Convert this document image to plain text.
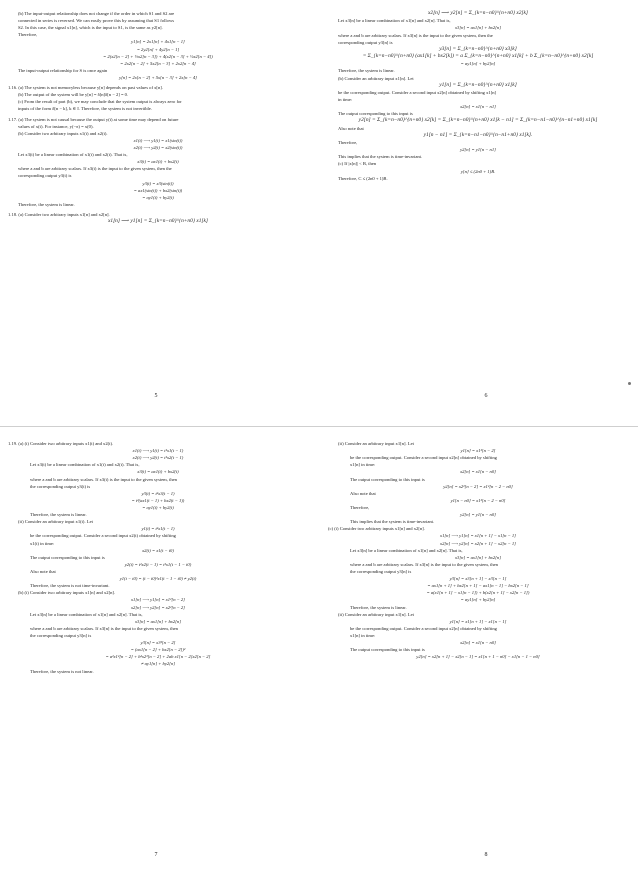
(b) The input-output relationship does not change if the order in which S1 and S2 are

connected in series is reversed. We can easily prove this by assuming that S1 follows

S2. In this case, the signal x1[n], which is the input to S1, is the same as y2[n].

Therefore,

y1[n] = 2x1[n] + 4x1[n − 1]

= 2y2[n] + 4y2[n − 1]

= 2(x2[n − 2] + ½x2[n − 3]) + 4(x2[n − 3] + ½x2[n − 4])

= 2x2[n − 2] + 5x2[n − 3] + 2x2[n − 4]

The input-output relationship for S is once again

y[n] = 2x[n − 2] + 5x[n − 3] + 2x[n − 4]

1.16. (a) The system is not memoryless because y[n] depends on past values of x[n].

(b) The output of the system will be y[n] = δ[n]δ[n − 2] = 0.

(c) From the result of part (b), we may conclude that the system output is always zero for

inputs of the form δ[n − k], k ∈ I. Therefore, the system is not invertible.

1.17. (a) The system is not causal because the output y(t) at some time may depend on future

values of x(t). For instance, y(−π) = x(0).

(b) Consider two arbitrary inputs x1(t) and x2(t).

x1(t) ⟶ y1(t) = x1(sin(t))

x2(t) ⟶ y2(t) = x2(sin(t))

Let x3(t) be a linear combination of x1(t) and x2(t). That is,

x3(t) = ax1(t) + bx2(t)

where a and b are arbitrary scalars. If x3(t) is the input to the given system, then the

corresponding output y3(t) is

y3(t) = x3(sin(t))

= ax1(sin(t)) + bx2(sin(t))

= ay1(t) + by2(t)

Therefore, the system is linear.

1.18. (a) Consider two arbitrary inputs x1[n] and x2[n].

x1[n] ⟶ y1[n] = Σ_{k=n−n0}^{n+n0} x1[k]

5

x2[n] ⟶ y2[n] = Σ_{k=n−n0}^{n+n0} x2[k]

Let x3[n] be a linear combination of x1[n] and x2[n]. That is,

x3[n] = ax1[n] + bx2[n]

where a and b are arbitrary scalars. If x3[n] is the input to the given system, then the

corresponding output y3[n] is

y3[n] = Σ_{k=n−n0}^{n+n0} x3[k]

= Σ_{k=n−n0}^{n+n0} (ax1[k] + bx2[k]) = a Σ_{k=n−n0}^{n+n0} x1[k] + b Σ_{k=n−n0}^{n+n0} x2[k]

= ay1[n] + by2[n]

Therefore, the system is linear.

(b) Consider an arbitrary input x1[n]. Let

y1[n] = Σ_{k=n−n0}^{n+n0} x1[k]

be the corresponding output. Consider a second input x2[n] obtained by shifting x1[n]

in time:

x2[n] = x1[n − n1]

The output corresponding to this input is

y2[n] = Σ_{k=n−n0}^{n+n0} x2[k] = Σ_{k=n−n0}^{n+n0} x1[k − n1] = Σ_{k=n−n1−n0}^{n−n1+n0} x1[k]

Also note that

y1[n − n1] = Σ_{k=n−n1−n0}^{n−n1+n0} x1[k].

Therefore,

y2[n] = y1[n − n1]

This implies that the system is time-invariant.

(c) If |x[n]| < B, then

y[n] ≤ (2n0 + 1)B.

Therefore, C ≤ (2n0 + 1)B.

6

1.19. (a) (i) Consider two arbitrary inputs x1(t) and x2(t).

x1(t) ⟶ y1(t) = t²x1(t − 1)

x2(t) ⟶ y2(t) = t²x2(t − 1)

Let x3(t) be a linear combination of x1(t) and x2(t). That is,

x3(t) = ax1(t) + bx2(t)

where a and b are arbitrary scalars. If x3(t) is the input to the given system, then

the corresponding output y3(t) is

y3(t) = t²x3(t − 1)

= t²(ax1(t − 1) + bx2(t − 1))

= ay1(t) + by2(t)

Therefore, the system is linear.

(ii) Consider an arbitrary input x1(t). Let

y1(t) = t²x1(t − 1)

be the corresponding output. Consider a second input x2(t) obtained by shifting

x1(t) in time:

x2(t) = x1(t − t0)

The output corresponding to this input is

y2(t) = t²x2(t − 1) = t²x1(t − 1 − t0)

Also note that

y1(t − t0) = (t − t0)²x1(t − 1 − t0) ≠ y2(t)

Therefore, the system is not time-invariant.

(b) (i) Consider two arbitrary inputs x1[n] and x2[n].

x1[n] ⟶ y1[n] = x1²[n − 2]

x2[n] ⟶ y2[n] = x2²[n − 2]

Let x3[n] be a linear combination of x1[n] and x2[n]. That is,

x3[n] = ax1[n] + bx2[n]

where a and b are arbitrary scalars. If x3[n] is the input to the given system, then

the corresponding output y3[n] is

y3[n] = x3²[n − 2]

= (ax1[n − 2] + bx2[n − 2])²

= a²x1²[n − 2] + b²x2²[n − 2] + 2ab x1[n − 2]x2[n − 2]

≠ ay1[n] + by2[n]

Therefore, the system is not linear.

7

(ii) Consider an arbitrary input x1[n]. Let

y1[n] = x1²[n − 2]

be the corresponding output. Consider a second input x2[n] obtained by shifting

x1[n] in time:

x2[n] = x1[n − n0]

The output corresponding to this input is

y2[n] = x2²[n − 2] = x1²[n − 2 − n0]

Also note that

y1[n − n0] = x1²[n − 2 − n0]

Therefore,

y2[n] = y1[n − n0]

This implies that the system is time-invariant.

(c) (i) Consider two arbitrary inputs x1[n] and x2[n].

x1[n] ⟶ y1[n] = x1[n + 1] − x1[n − 1]

x2[n] ⟶ y2[n] = x2[n + 1] − x2[n − 1]

Let x3[n] be a linear combination of x1[n] and x2[n]. That is,

x3[n] = ax1[n] + bx2[n]

where a and b are arbitrary scalars. If x3[n] is the input to the given system, then

the corresponding output y3[n] is

y3[n] = x3[n + 1] − x3[n − 1]

= ax1[n + 1] + bx2[n + 1] − ax1[n − 1] − bx2[n − 1]

= a(x1[n + 1] − x1[n − 1]) + b(x2[n + 1] − x2[n − 1])

= ay1[n] + by2[n]

Therefore, the system is linear.

(ii) Consider an arbitrary input x1[n]. Let

y1[n] = x1[n + 1] − x1[n − 1]

be the corresponding output. Consider a second input x2[n] obtained by shifting

x1[n] in time:

x2[n] = x1[n − n0]

The output corresponding to this input is

y2[n] = x2[n + 1] − x2[n − 1] = x1[n + 1 − n0] − x1[n − 1 − n0]

8
